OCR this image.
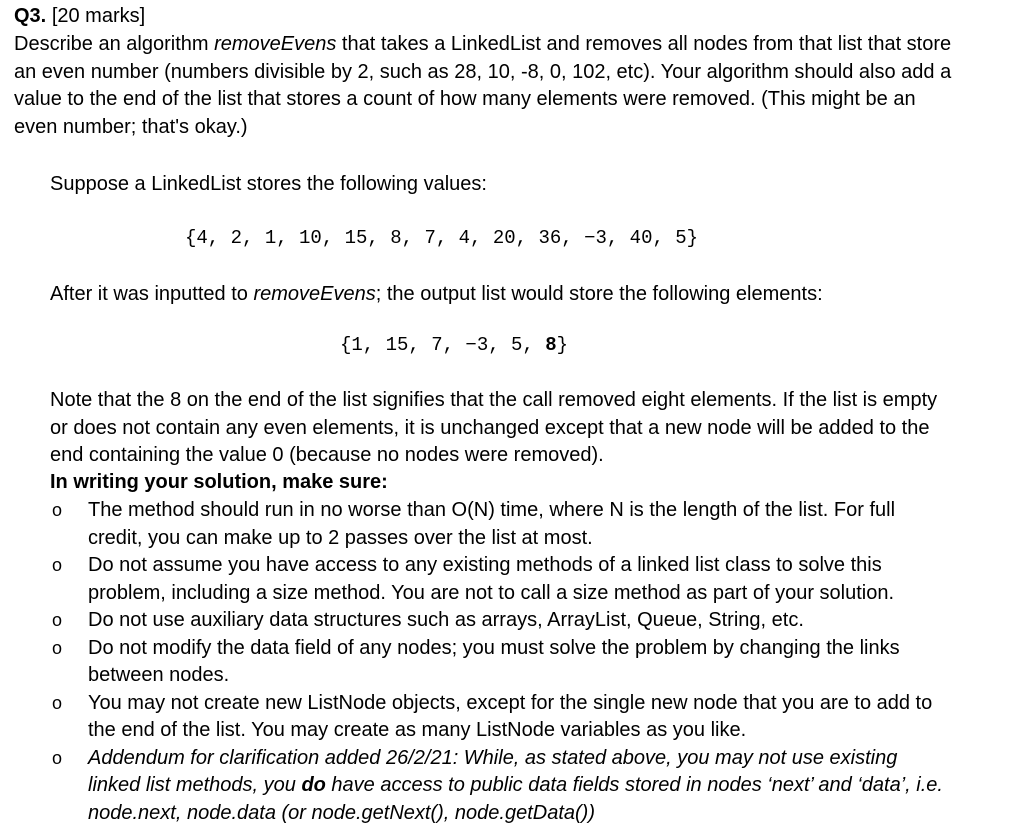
Q3. [20 marks]
Describe an algorithm removeEvens that takes a LinkedList and removes all nodes from that list that store
an even number (numbers divisible by 2, such as 28, 10, -8, 0, 102, etc). Your algorithm should also add a
value to the end of the list that stores a count of how many elements were removed. (This might be an
even number; that's okay.)
Suppose a LinkedList stores the following values:
{4, 2, 1, 10, 15, 8, 7, 4, 20, 36, −3, 40, 5}
After it was inputted to removeEvens; the output list would store the following elements:
{1, 15, 7, −3, 5, 8}
Note that the 8 on the end of the list signifies that the call removed eight elements. If the list is empty
or does not contain any even elements, it is unchanged except that a new node will be added to the
end containing the value 0 (because no nodes were removed).
In writing your solution, make sure:
o The method should run in no worse than O(N) time, where N is the length of the list. For full
credit, you can make up to 2 passes over the list at most.
o Do not assume you have access to any existing methods of a linked list class to solve this
problem, including a size method. You are not to call a size method as part of your solution.
o Do not use auxiliary data structures such as arrays, ArrayList, Queue, String, etc.
o Do not modify the data field of any nodes; you must solve the problem by changing the links
between nodes.
o You may not create new ListNode objects, except for the single new node that you are to add to
the end of the list. You may create as many ListNode variables as you like.
o Addendum for clarification added 26/2/21: While, as stated above, you may not use existing
linked list methods, you do have access to public data fields stored in nodes ‘next’ and ‘data’, i.e.
node.next, node.data (or node.getNext(), node.getData())
